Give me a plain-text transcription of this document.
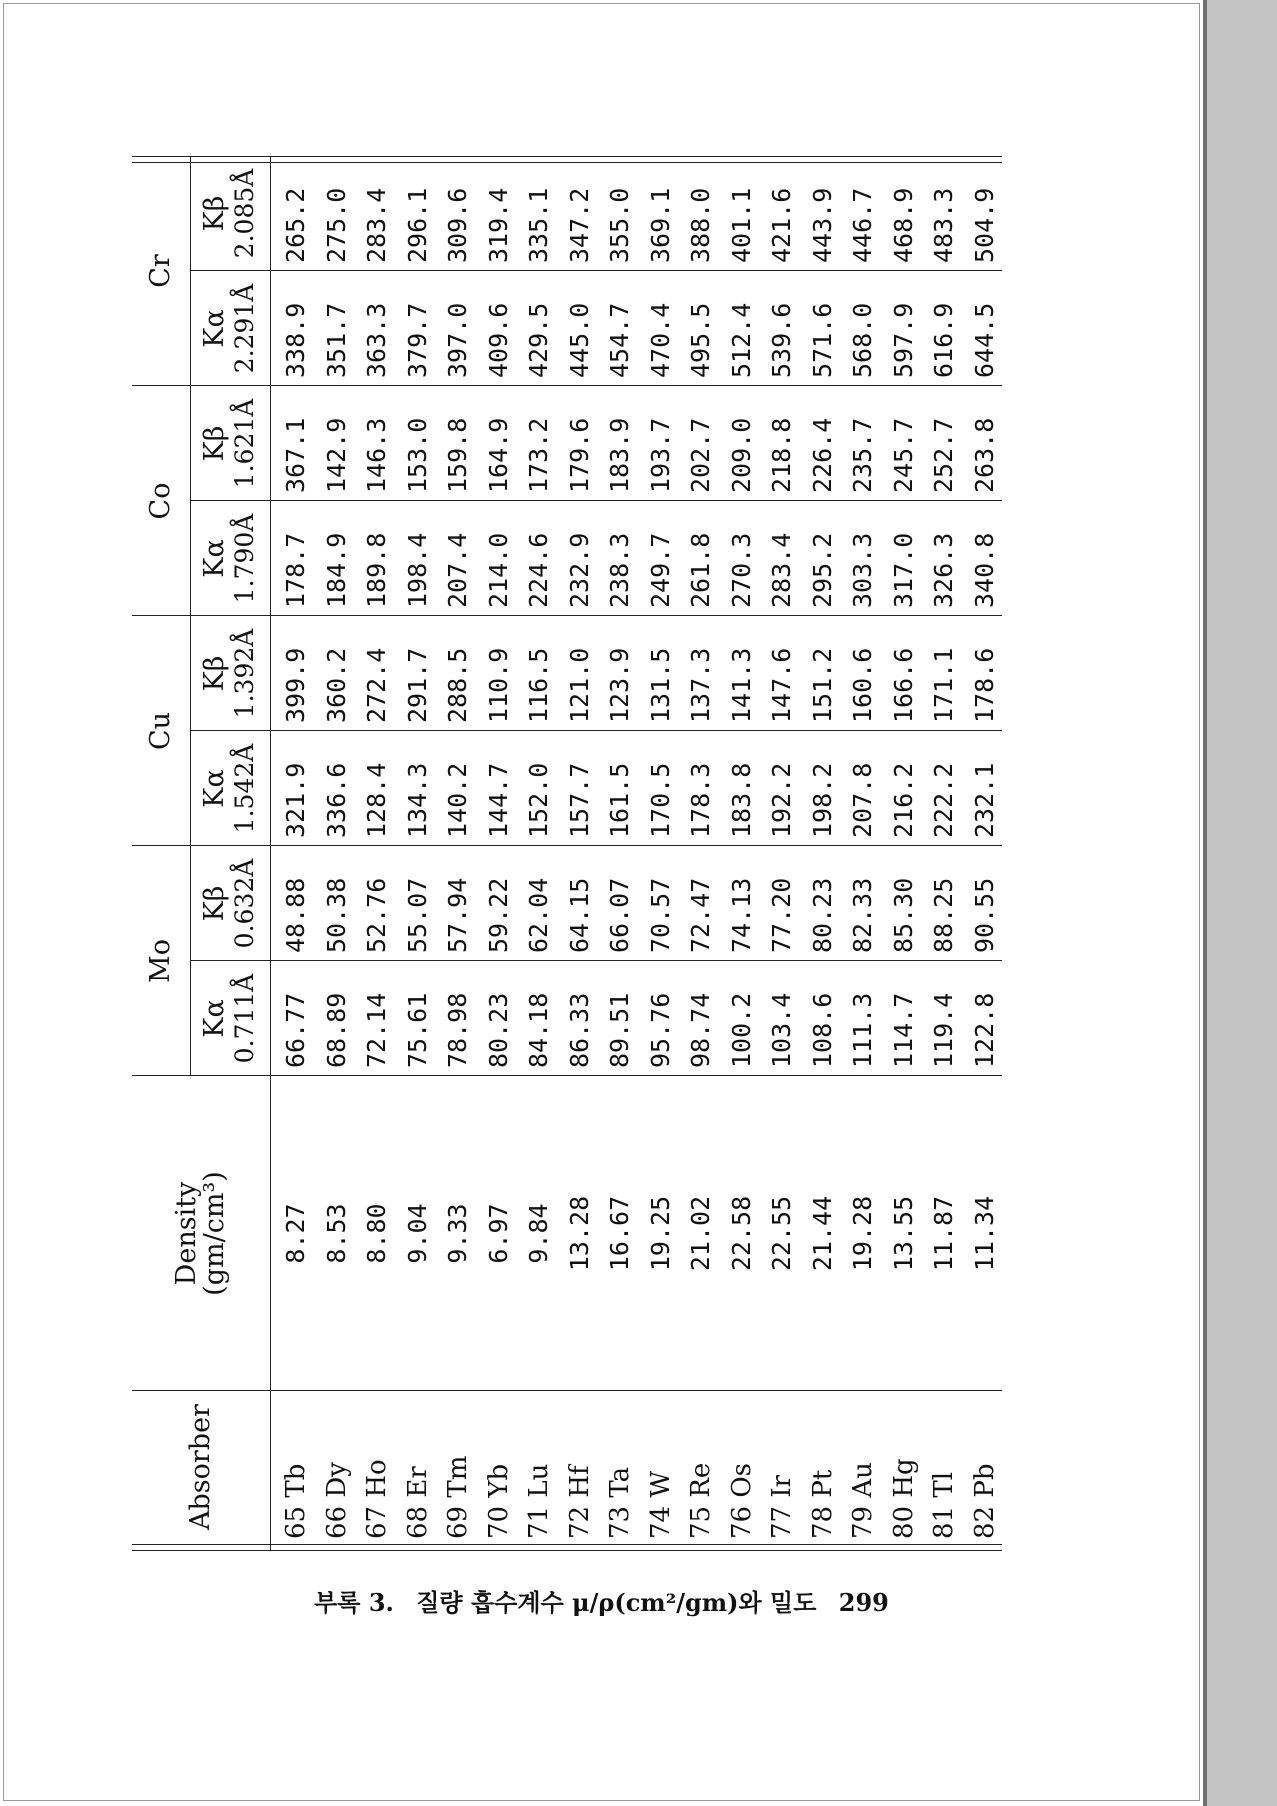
Absorber
Density
(gm/cm³)
Mo
Cu
Co
Cr
Kα 0.711Å
Kβ 0.632Å
Kα 1.542Å
Kβ 1.392Å
Kα 1.790Å
Kβ 1.621Å
Kα 2.291Å
Kβ 2.085Å
65 Tb
8.27
66.77
48.88
321.9
399.9
178.7
367.1
338.9
265.2
66 Dy
8.53
68.89
50.38
336.6
360.2
184.9
142.9
351.7
275.0
67 Ho
8.80
72.14
52.76
128.4
272.4
189.8
146.3
363.3
283.4
68 Er
9.04
75.61
55.07
134.3
291.7
198.4
153.0
379.7
296.1
69 Tm
9.33
78.98
57.94
140.2
288.5
207.4
159.8
397.0
309.6
70 Yb
6.97
80.23
59.22
144.7
110.9
214.0
164.9
409.6
319.4
71 Lu
9.84
84.18
62.04
152.0
116.5
224.6
173.2
429.5
335.1
72 Hf
13.28
86.33
64.15
157.7
121.0
232.9
179.6
445.0
347.2
73 Ta
16.67
89.51
66.07
161.5
123.9
238.3
183.9
454.7
355.0
74 W
19.25
95.76
70.57
170.5
131.5
249.7
193.7
470.4
369.1
75 Re
21.02
98.74
72.47
178.3
137.3
261.8
202.7
495.5
388.0
76 Os
22.58
100.2
74.13
183.8
141.3
270.3
209.0
512.4
401.1
77 Ir
22.55
103.4
77.20
192.2
147.6
283.4
218.8
539.6
421.6
78 Pt
21.44
108.6
80.23
198.2
151.2
295.2
226.4
571.6
443.9
79 Au
19.28
111.3
82.33
207.8
160.6
303.3
235.7
568.0
446.7
80 Hg
13.55
114.7
85.30
216.2
166.6
317.0
245.7
597.9
468.9
81 Tl
11.87
119.4
88.25
222.2
171.1
326.3
252.7
616.9
483.3
82 Pb
11.34
122.8
90.55
232.1
178.6
340.8
263.8
644.5
504.9
부록 3. 질량 흡수계수 μ/ρ(cm²/gm)와 밀도 299
